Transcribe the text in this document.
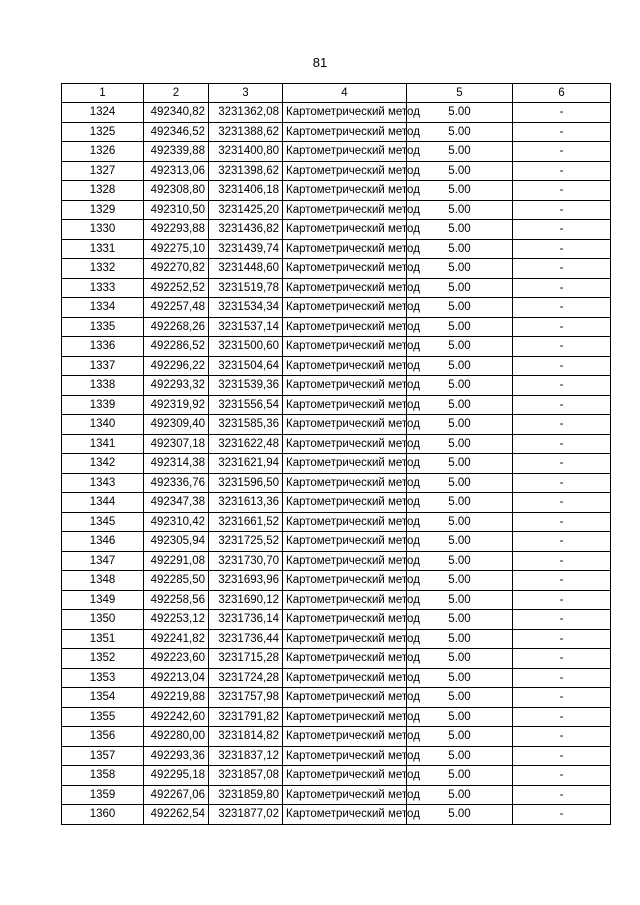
81
1	2	3	4	5	6
1324	492340,82	3231362,08	Картометрический метод	5.00	-
1325	492346,52	3231388,62	Картометрический метод	5.00	-
1326	492339,88	3231400,80	Картометрический метод	5.00	-
1327	492313,06	3231398,62	Картометрический метод	5.00	-
1328	492308,80	3231406,18	Картометрический метод	5.00	-
1329	492310,50	3231425,20	Картометрический метод	5.00	-
1330	492293,88	3231436,82	Картометрический метод	5.00	-
1331	492275,10	3231439,74	Картометрический метод	5.00	-
1332	492270,82	3231448,60	Картометрический метод	5.00	-
1333	492252,52	3231519,78	Картометрический метод	5.00	-
1334	492257,48	3231534,34	Картометрический метод	5.00	-
1335	492268,26	3231537,14	Картометрический метод	5.00	-
1336	492286,52	3231500,60	Картометрический метод	5.00	-
1337	492296,22	3231504,64	Картометрический метод	5.00	-
1338	492293,32	3231539,36	Картометрический метод	5.00	-
1339	492319,92	3231556,54	Картометрический метод	5.00	-
1340	492309,40	3231585,36	Картометрический метод	5.00	-
1341	492307,18	3231622,48	Картометрический метод	5.00	-
1342	492314,38	3231621,94	Картометрический метод	5.00	-
1343	492336,76	3231596,50	Картометрический метод	5.00	-
1344	492347,38	3231613,36	Картометрический метод	5.00	-
1345	492310,42	3231661,52	Картометрический метод	5.00	-
1346	492305,94	3231725,52	Картометрический метод	5.00	-
1347	492291,08	3231730,70	Картометрический метод	5.00	-
1348	492285,50	3231693,96	Картометрический метод	5.00	-
1349	492258,56	3231690,12	Картометрический метод	5.00	-
1350	492253,12	3231736,14	Картометрический метод	5.00	-
1351	492241,82	3231736,44	Картометрический метод	5.00	-
1352	492223,60	3231715,28	Картометрический метод	5.00	-
1353	492213,04	3231724,28	Картометрический метод	5.00	-
1354	492219,88	3231757,98	Картометрический метод	5.00	-
1355	492242,60	3231791,82	Картометрический метод	5.00	-
1356	492280,00	3231814,82	Картометрический метод	5.00	-
1357	492293,36	3231837,12	Картометрический метод	5.00	-
1358	492295,18	3231857,08	Картометрический метод	5.00	-
1359	492267,06	3231859,80	Картометрический метод	5.00	-
1360	492262,54	3231877,02	Картометрический метод	5.00	-
